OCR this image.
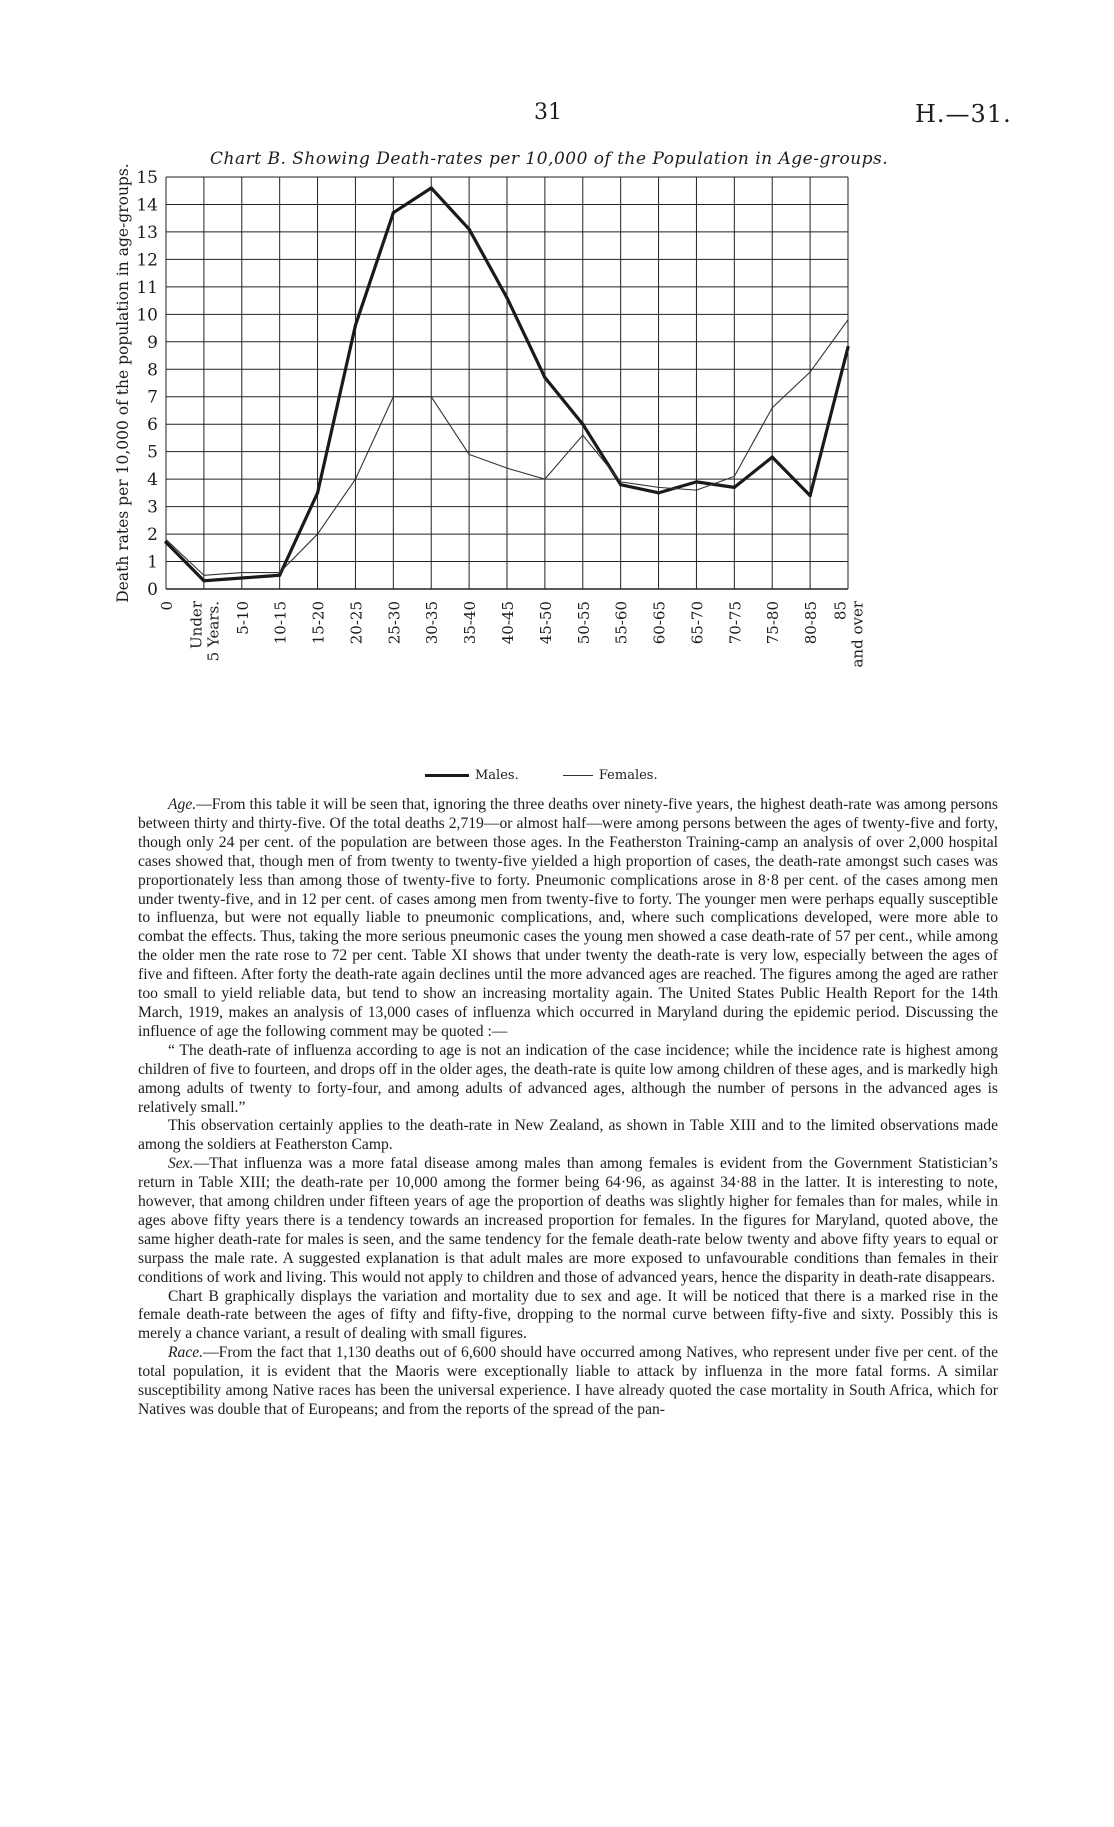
31	H.—31.
Chart B. Showing Death-rates per 10,000 of the Population in Age-groups.
0
1
2
3
4
5
6
7
8
9
10
11
12
13
14
15
0 Under 5 Years. 5-10 10-15 15-20 20-25 25-30 30-35 35-40 40-45 45-50 50-55 55-60 60-65 65-70 70-75 75-80 80-85 85 and over
Death rates per 10,000 of the population in age-groups.
Males.	Females.

Age.—From this table it will be seen that, ignoring the three deaths over ninety-five years, the highest death-rate was among persons between thirty and thirty-five. Of the total deaths 2,719—or almost half—were among persons between the ages of twenty-five and forty, though only 24 per cent. of the population are between those ages. In the Featherston Training-camp an analysis of over 2,000 hospital cases showed that, though men of from twenty to twenty-five yielded a high proportion of cases, the death-rate amongst such cases was proportionately less than among those of twenty-five to forty. Pneumonic complications arose in 8·8 per cent. of the cases among men under twenty-five, and in 12 per cent. of cases among men from twenty-five to forty. The younger men were perhaps equally susceptible to influenza, but were not equally liable to pneumonic complications, and, where such complications developed, were more able to combat the effects. Thus, taking the more serious pneumonic cases the young men showed a case death-rate of 57 per cent., while among the older men the rate rose to 72 per cent. Table XI shows that under twenty the death-rate is very low, especially between the ages of five and fifteen. After forty the death-rate again declines until the more advanced ages are reached. The figures among the aged are rather too small to yield reliable data, but tend to show an increasing mortality again. The United States Public Health Report for the 14th March, 1919, makes an analysis of 13,000 cases of influenza which occurred in Maryland during the epidemic period. Discussing the influence of age the following comment may be quoted :—

“ The death-rate of influenza according to age is not an indication of the case incidence; while the incidence rate is highest among children of five to fourteen, and drops off in the older ages, the death-rate is quite low among children of these ages, and is markedly high among adults of twenty to forty-four, and among adults of advanced ages, although the number of persons in the advanced ages is relatively small.”

This observation certainly applies to the death-rate in New Zealand, as shown in Table XIII and to the limited observations made among the soldiers at Featherston Camp.

Sex.—That influenza was a more fatal disease among males than among females is evident from the Government Statistician’s return in Table XIII; the death-rate per 10,000 among the former being 64·96, as against 34·88 in the latter. It is interesting to note, however, that among children under fifteen years of age the proportion of deaths was slightly higher for females than for males, while in ages above fifty years there is a tendency towards an increased proportion for females. In the figures for Maryland, quoted above, the same higher death-rate for males is seen, and the same tendency for the female death-rate below twenty and above fifty years to equal or surpass the male rate. A suggested explanation is that adult males are more exposed to unfavourable conditions than females in their conditions of work and living. This would not apply to children and those of advanced years, hence the disparity in death-rate disappears.

Chart B graphically displays the variation and mortality due to sex and age. It will be noticed that there is a marked rise in the female death-rate between the ages of fifty and fifty-five, dropping to the normal curve between fifty-five and sixty. Possibly this is merely a chance variant, a result of dealing with small figures.

Race.—From the fact that 1,130 deaths out of 6,600 should have occurred among Natives, who represent under five per cent. of the total population, it is evident that the Maoris were exceptionally liable to attack by influenza in the more fatal forms. A similar susceptibility among Native races has been the universal experience. I have already quoted the case mortality in South Africa, which for Natives was double that of Europeans; and from the reports of the spread of the pan-
